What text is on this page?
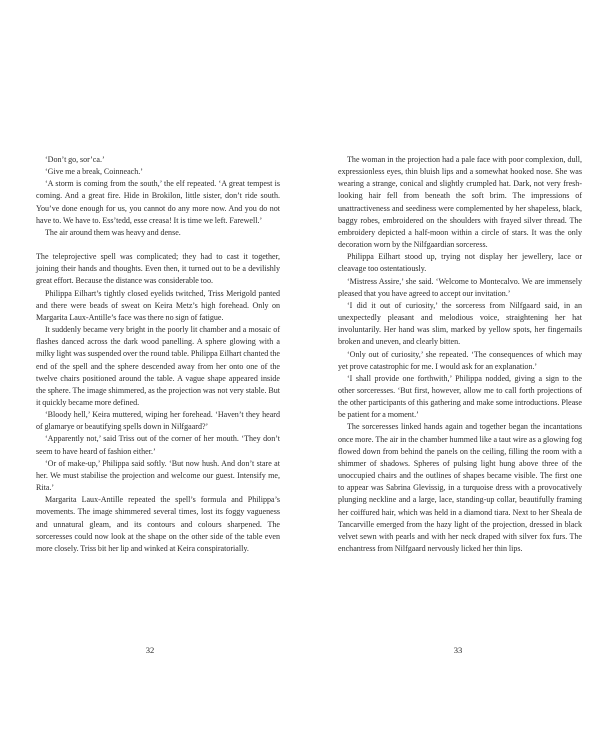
‘Don’t go, sor’ca.’

‘Give me a break, Coinneach.’

‘A storm is coming from the south,’ the elf repeated. ‘A great tempest is coming. And a great fire. Hide in Brokilon, little sister, don’t ride south. You’ve done enough for us, you cannot do any more now. And you do not have to. We have to. Ess’tedd, esse creasa! It is time we left. Farewell.’

The air around them was heavy and dense.

The teleprojective spell was complicated; they had to cast it together, joining their hands and thoughts. Even then, it turned out to be a devilishly great effort. Because the distance was considerable too.

Philippa Eilhart’s tightly closed eyelids twitched, Triss Merigold panted and there were beads of sweat on Keira Metz’s high forehead. Only on Margarita Laux-Antille’s face was there no sign of fatigue.

It suddenly became very bright in the poorly lit chamber and a mosaic of flashes danced across the dark wood panelling. A sphere glowing with a milky light was suspended over the round table. Philippa Eilhart chanted the end of the spell and the sphere descended away from her onto one of the twelve chairs positioned around the table. A vague shape appeared inside the sphere. The image shimmered, as the projection was not very stable. But it quickly became more defined.

‘Bloody hell,’ Keira muttered, wiping her forehead. ‘Haven’t they heard of glamarye or beautifying spells down in Nilfgaard?’

‘Apparently not,’ said Triss out of the corner of her mouth. ‘They don’t seem to have heard of fashion either.’

‘Or of make-up,’ Philippa said softly. ‘But now hush. And don’t stare at her. We must stabilise the projection and welcome our guest. Intensify me, Rita.’

Margarita Laux-Antille repeated the spell’s formula and Philippa’s movements. The image shimmered several times, lost its foggy vagueness and unnatural gleam, and its contours and colours sharpened. The sorceresses could now look at the shape on the other side of the table even more closely. Triss bit her lip and winked at Keira conspiratorially.

32

The woman in the projection had a pale face with poor complexion, dull, expressionless eyes, thin bluish lips and a somewhat hooked nose. She was wearing a strange, conical and slightly crumpled hat. Dark, not very fresh-looking hair fell from beneath the soft brim. The impressions of unattractiveness and seediness were complemented by her shapeless, black, baggy robes, embroidered on the shoulders with frayed silver thread. The embroidery depicted a half-moon within a circle of stars. It was the only decoration worn by the Nilfgaardian sorceress.

Philippa Eilhart stood up, trying not display her jewellery, lace or cleavage too ostentatiously.

‘Mistress Assire,’ she said. ‘Welcome to Montecalvo. We are immensely pleased that you have agreed to accept our invitation.’

‘I did it out of curiosity,’ the sorceress from Nilfgaard said, in an unexpectedly pleasant and melodious voice, straightening her hat involuntarily. Her hand was slim, marked by yellow spots, her fingernails broken and uneven, and clearly bitten.

‘Only out of curiosity,’ she repeated. ‘The consequences of which may yet prove catastrophic for me. I would ask for an explanation.’

‘I shall provide one forthwith,’ Philippa nodded, giving a sign to the other sorceresses. ‘But first, however, allow me to call forth projections of the other participants of this gathering and make some introductions. Please be patient for a moment.’

The sorceresses linked hands again and together began the incantations once more. The air in the chamber hummed like a taut wire as a glowing fog flowed down from behind the panels on the ceiling, filling the room with a shimmer of shadows. Spheres of pulsing light hung above three of the unoccupied chairs and the outlines of shapes became visible. The first one to appear was Sabrina Glevissig, in a turquoise dress with a provocatively plunging neckline and a large, lace, standing-up collar, beautifully framing her coiffured hair, which was held in a diamond tiara. Next to her Sheala de Tancarville emerged from the hazy light of the projection, dressed in black velvet sewn with pearls and with her neck draped with silver fox furs. The enchantress from Nilfgaard nervously licked her thin lips.

33
